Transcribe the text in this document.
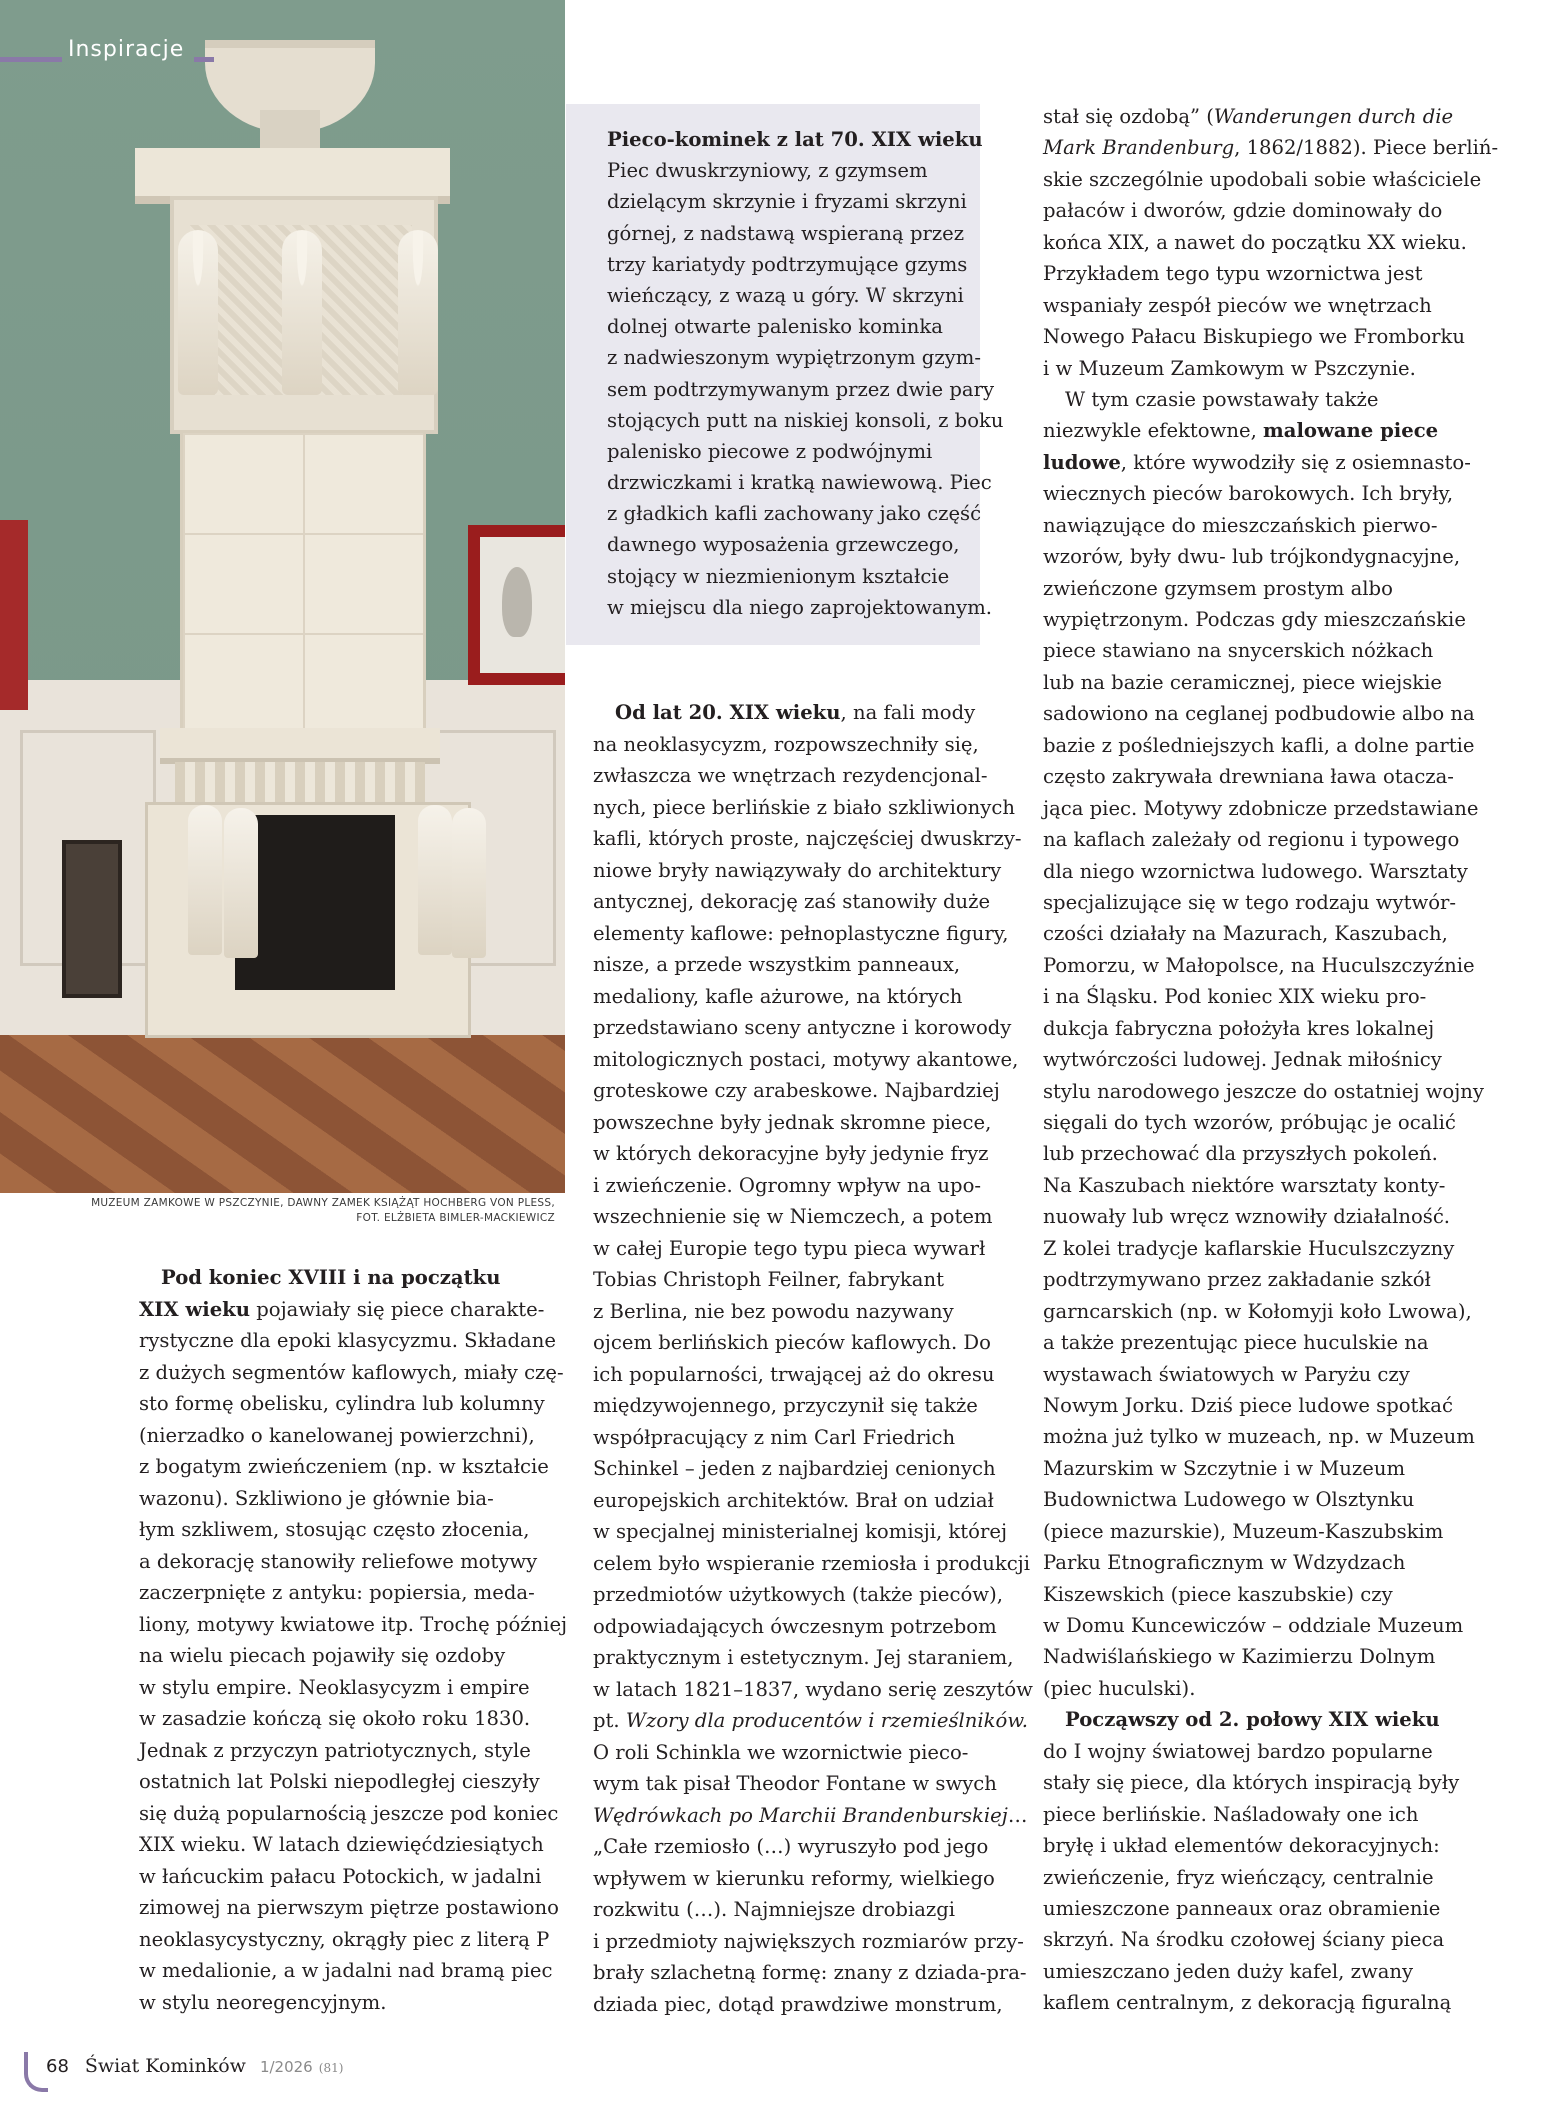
Inspiracje
MUZEUM ZAMKOWE W PSZCZYNIE, DAWNY ZAMEK KSIĄŻĄT HOCHBERG VON PLESS,
FOT. ELŻBIETA BIMLER-MACKIEWICZ
Pieco-kominek z lat 70. XIX wieku
Piec dwuskrzyniowy, z gzymsem
dzielącym skrzynie i fryzami skrzyni
górnej, z nadstawą wspieraną przez
trzy kariatydy podtrzymujące gzyms
wieńczący, z wazą u góry. W skrzyni
dolnej otwarte palenisko kominka
z nadwieszonym wypiętrzonym gzym-
sem podtrzymywanym przez dwie pary
stojących putt na niskiej konsoli, z boku
palenisko piecowe z podwójnymi
drzwiczkami i kratką nawiewową. Piec
z gładkich kafli zachowany jako część
dawnego wyposażenia grzewczego,
stojący w niezmienionym kształcie
w miejscu dla niego zaprojektowanym.
Pod koniec XVIII i na początku
XIX wieku pojawiały się piece charakte-
rystyczne dla epoki klasycyzmu. Składane
z dużych segmentów kaflowych, miały czę-
sto formę obelisku, cylindra lub kolumny
(nierzadko o kanelowanej powierzchni),
z bogatym zwieńczeniem (np. w kształcie
wazonu). Szkliwiono je głównie bia-
łym szkliwem, stosując często złocenia,
a dekorację stanowiły reliefowe motywy
zaczerpnięte z antyku: popiersia, meda-
liony, motywy kwiatowe itp. Trochę później
na wielu piecach pojawiły się ozdoby
w stylu empire. Neoklasycyzm i empire
w zasadzie kończą się około roku 1830.
Jednak z przyczyn patriotycznych, style
ostatnich lat Polski niepodległej cieszyły
się dużą popularnością jeszcze pod koniec
XIX wieku. W latach dziewięćdziesiątych
w łańcuckim pałacu Potockich, w jadalni
zimowej na pierwszym piętrze postawiono
neoklasycystyczny, okrągły piec z literą P
w medalionie, a w jadalni nad bramą piec
w stylu neoregencyjnym.
Od lat 20. XIX wieku, na fali mody
na neoklasycyzm, rozpowszechniły się,
zwłaszcza we wnętrzach rezydencjonal-
nych, piece berlińskie z biało szkliwionych
kafli, których proste, najczęściej dwuskrzy-
niowe bryły nawiązywały do architektury
antycznej, dekorację zaś stanowiły duże
elementy kaflowe: pełnoplastyczne figury,
nisze, a przede wszystkim panneaux,
medaliony, kafle ażurowe, na których
przedstawiano sceny antyczne i korowody
mitologicznych postaci, motywy akantowe,
groteskowe czy arabeskowe. Najbardziej
powszechne były jednak skromne piece,
w których dekoracyjne były jedynie fryz
i zwieńczenie. Ogromny wpływ na upo-
wszechnienie się w Niemczech, a potem
w całej Europie tego typu pieca wywarł
Tobias Christoph Feilner, fabrykant
z Berlina, nie bez powodu nazywany
ojcem berlińskich pieców kaflowych. Do
ich popularności, trwającej aż do okresu
międzywojennego, przyczynił się także
współpracujący z nim Carl Friedrich
Schinkel – jeden z najbardziej cenionych
europejskich architektów. Brał on udział
w specjalnej ministerialnej komisji, której
celem było wspieranie rzemiosła i produkcji
przedmiotów użytkowych (także pieców),
odpowiadających ówczesnym potrzebom
praktycznym i estetycznym. Jej staraniem,
w latach 1821–1837, wydano serię zeszytów
pt. Wzory dla producentów i rzemieślników.
O roli Schinkla we wzornictwie pieco-
wym tak pisał Theodor Fontane w swych
Wędrówkach po Marchii Brandenburskiej…
„Całe rzemiosło (…) wyruszyło pod jego
wpływem w kierunku reformy, wielkiego
rozkwitu (…). Najmniejsze drobiazgi
i przedmioty największych rozmiarów przy-
brały szlachetną formę: znany z dziada-pra-
dziada piec, dotąd prawdziwe monstrum,
stał się ozdobą” (Wanderungen durch die
Mark Brandenburg, 1862/1882). Piece berliń-
skie szczególnie upodobali sobie właściciele
pałaców i dworów, gdzie dominowały do
końca XIX, a nawet do początku XX wieku.
Przykładem tego typu wzornictwa jest
wspaniały zespół pieców we wnętrzach
Nowego Pałacu Biskupiego we Fromborku
i w Muzeum Zamkowym w Pszczynie.
W tym czasie powstawały także
niezwykle efektowne, malowane piece
ludowe, które wywodziły się z osiemnasto-
wiecznych pieców barokowych. Ich bryły,
nawiązujące do mieszczańskich pierwo-
wzorów, były dwu- lub trójkondygnacyjne,
zwieńczone gzymsem prostym albo
wypiętrzonym. Podczas gdy mieszczańskie
piece stawiano na snycerskich nóżkach
lub na bazie ceramicznej, piece wiejskie
sadowiono na ceglanej podbudowie albo na
bazie z pośledniejszych kafli, a dolne partie
często zakrywała drewniana ława otacza-
jąca piec. Motywy zdobnicze przedstawiane
na kaflach zależały od regionu i typowego
dla niego wzornictwa ludowego. Warsztaty
specjalizujące się w tego rodzaju wytwór-
czości działały na Mazurach, Kaszubach,
Pomorzu, w Małopolsce, na Huculszczyźnie
i na Śląsku. Pod koniec XIX wieku pro-
dukcja fabryczna położyła kres lokalnej
wytwórczości ludowej. Jednak miłośnicy
stylu narodowego jeszcze do ostatniej wojny
sięgali do tych wzorów, próbując je ocalić
lub przechować dla przyszłych pokoleń.
Na Kaszubach niektóre warsztaty konty-
nuowały lub wręcz wznowiły działalność.
Z kolei tradycje kaflarskie Huculszczyzny
podtrzymywano przez zakładanie szkół
garncarskich (np. w Kołomyji koło Lwowa),
a także prezentując piece huculskie na
wystawach światowych w Paryżu czy
Nowym Jorku. Dziś piece ludowe spotkać
można już tylko w muzeach, np. w Muzeum
Mazurskim w Szczytnie i w Muzeum
Budownictwa Ludowego w Olsztynku
(piece mazurskie), Muzeum-Kaszubskim
Parku Etnograficznym w Wdzydzach
Kiszewskich (piece kaszubskie) czy
w Domu Kuncewiczów – oddziale Muzeum
Nadwiślańskiego w Kazimierzu Dolnym
(piec huculski).
Począwszy od 2. połowy XIX wieku
do I wojny światowej bardzo popularne
stały się piece, dla których inspiracją były
piece berlińskie. Naśladowały one ich
bryłę i układ elementów dekoracyjnych:
zwieńczenie, fryz wieńczący, centralnie
umieszczone panneaux oraz obramienie
skrzyń. Na środku czołowej ściany pieca
umieszczano jeden duży kafel, zwany
kaflem centralnym, z dekoracją figuralną
68 Świat Kominków 1/2026 (81)
